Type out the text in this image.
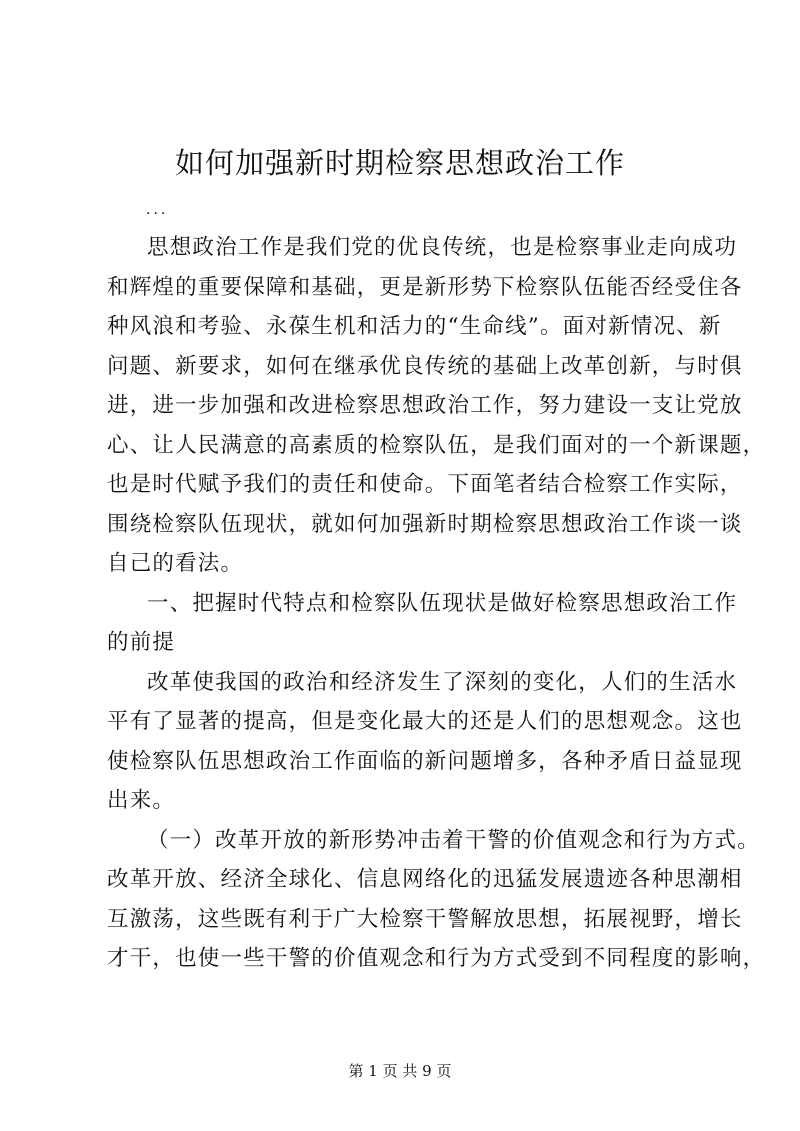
如何加强新时期检察思想政治工作
...
思想政治工作是我们党的优良传统，也是检察事业走向成功
和辉煌的重要保障和基础，更是新形势下检察队伍能否经受住各
种风浪和考验、永葆生机和活力的“生命线”。面对新情况、新
问题、新要求，如何在继承优良传统的基础上改革创新，与时俱
进，进一步加强和改进检察思想政治工作，努力建设一支让党放
心、让人民满意的高素质的检察队伍，是我们面对的一个新课题，
也是时代赋予我们的责任和使命。下面笔者结合检察工作实际，
围绕检察队伍现状，就如何加强新时期检察思想政治工作谈一谈
自己的看法。
一、把握时代特点和检察队伍现状是做好检察思想政治工作
的前提
改革使我国的政治和经济发生了深刻的变化，人们的生活水
平有了显著的提高，但是变化最大的还是人们的思想观念。这也
使检察队伍思想政治工作面临的新问题增多，各种矛盾日益显现
出来。
（一）改革开放的新形势冲击着干警的价值观念和行为方式。
改革开放、经济全球化、信息网络化的迅猛发展遗迹各种思潮相
互激荡，这些既有利于广大检察干警解放思想，拓展视野，增长
才干，也使一些干警的价值观念和行为方式受到不同程度的影响，
第 1 页 共 9 页
